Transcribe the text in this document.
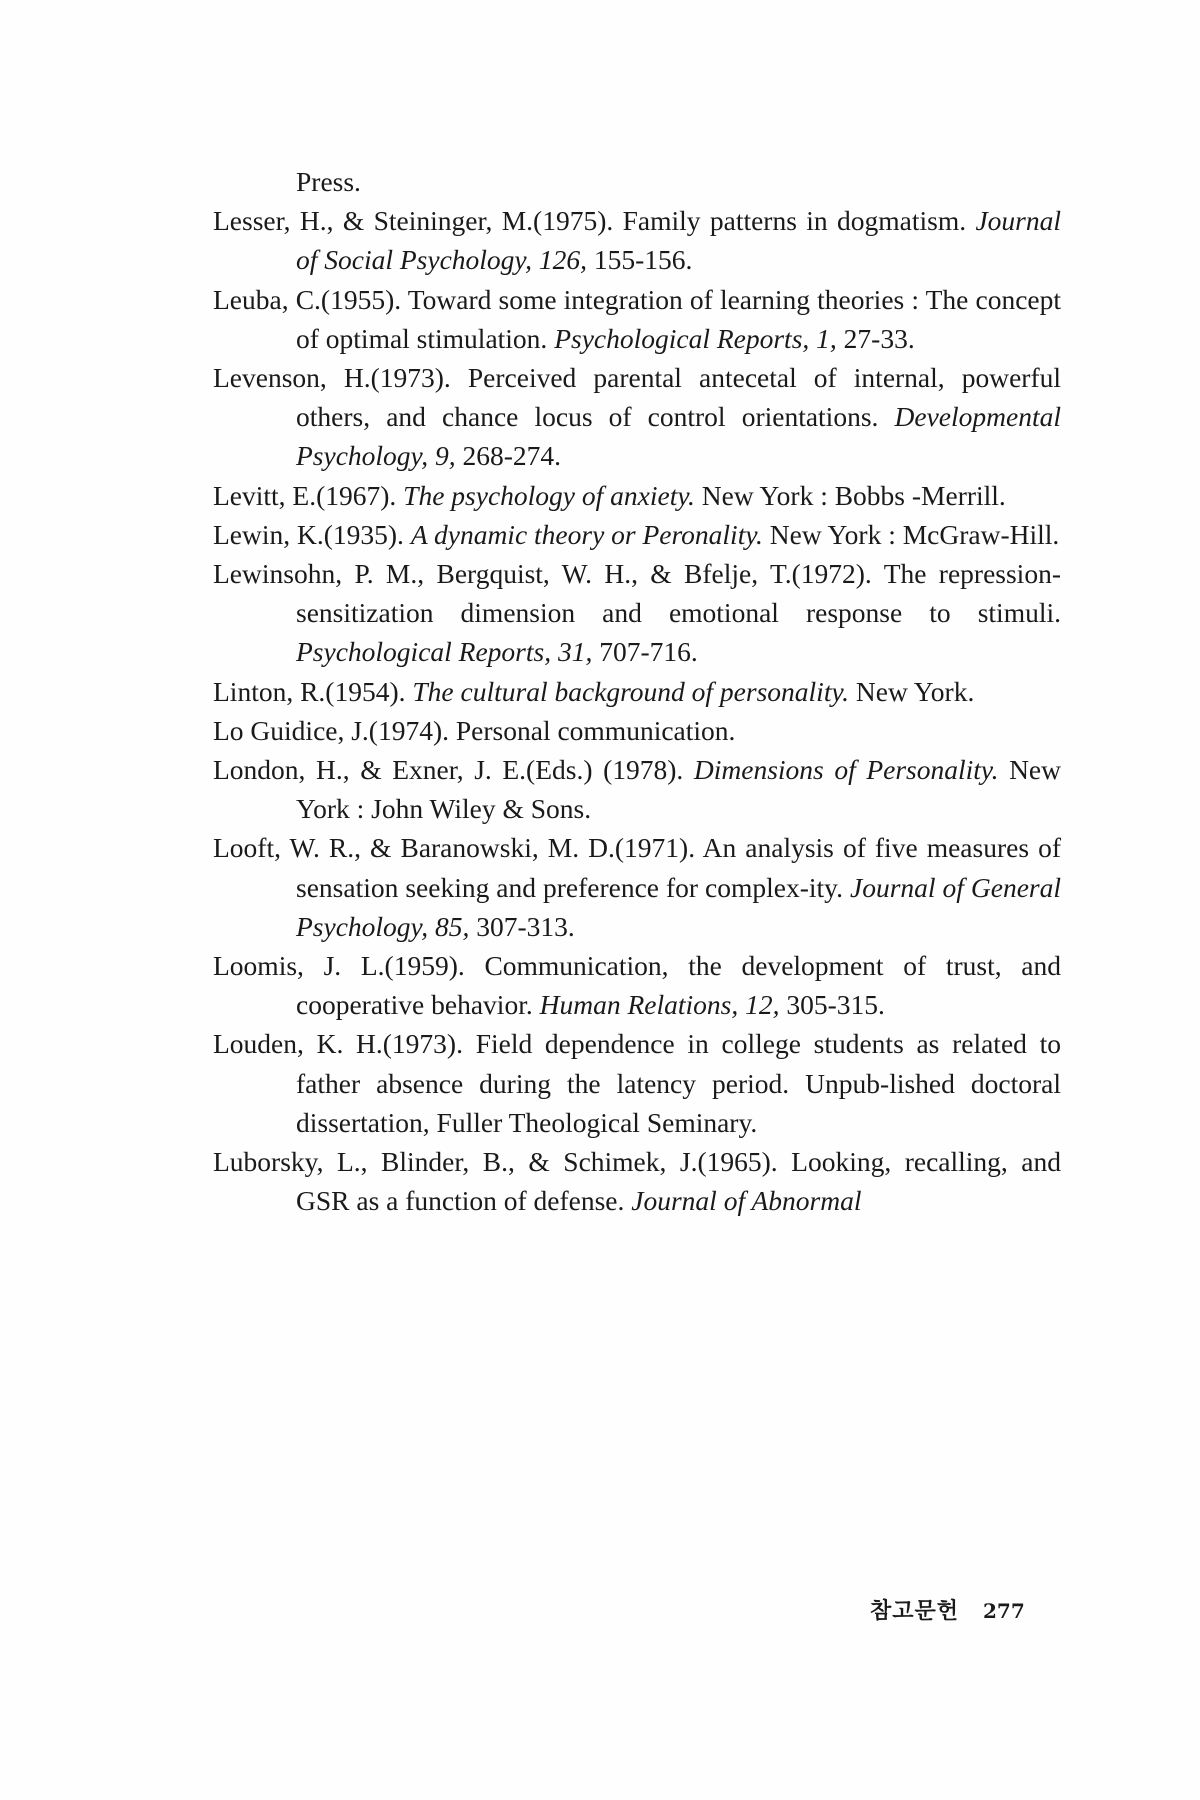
Press.

Lesser, H., & Steininger, M.(1975). Family patterns in dogmatism. Journal of Social Psychology, 126, 155-156.

Leuba, C.(1955). Toward some integration of learning theories : The concept of optimal stimulation. Psychological Reports, 1, 27-33.

Levenson, H.(1973). Perceived parental antecetal of internal, powerful others, and chance locus of control orientations. Developmental Psychology, 9, 268-274.

Levitt, E.(1967). The psychology of anxiety. New York : Bobbs -Merrill.

Lewin, K.(1935). A dynamic theory or Peronality. New York : McGraw-Hill.

Lewinsohn, P. M., Bergquist, W. H., & Bfelje, T.(1972). The repression-sensitization dimension and emotional response to stimuli. Psychological Reports, 31, 707-716.

Linton, R.(1954). The cultural background of personality. New York.

Lo Guidice, J.(1974). Personal communication.

London, H., & Exner, J. E.(Eds.) (1978). Dimensions of Personality. New York : John Wiley & Sons.

Looft, W. R., & Baranowski, M. D.(1971). An analysis of five measures of sensation seeking and preference for complex-ity. Journal of General Psychology, 85, 307-313.

Loomis, J. L.(1959). Communication, the development of trust, and cooperative behavior. Human Relations, 12, 305-315.

Louden, K. H.(1973). Field dependence in college students as related to father absence during the latency period. Unpub-lished doctoral dissertation, Fuller Theological Seminary.

Luborsky, L., Blinder, B., & Schimek, J.(1965). Looking, recalling, and GSR as a function of defense. Journal of Abnormal

참고문헌 277
